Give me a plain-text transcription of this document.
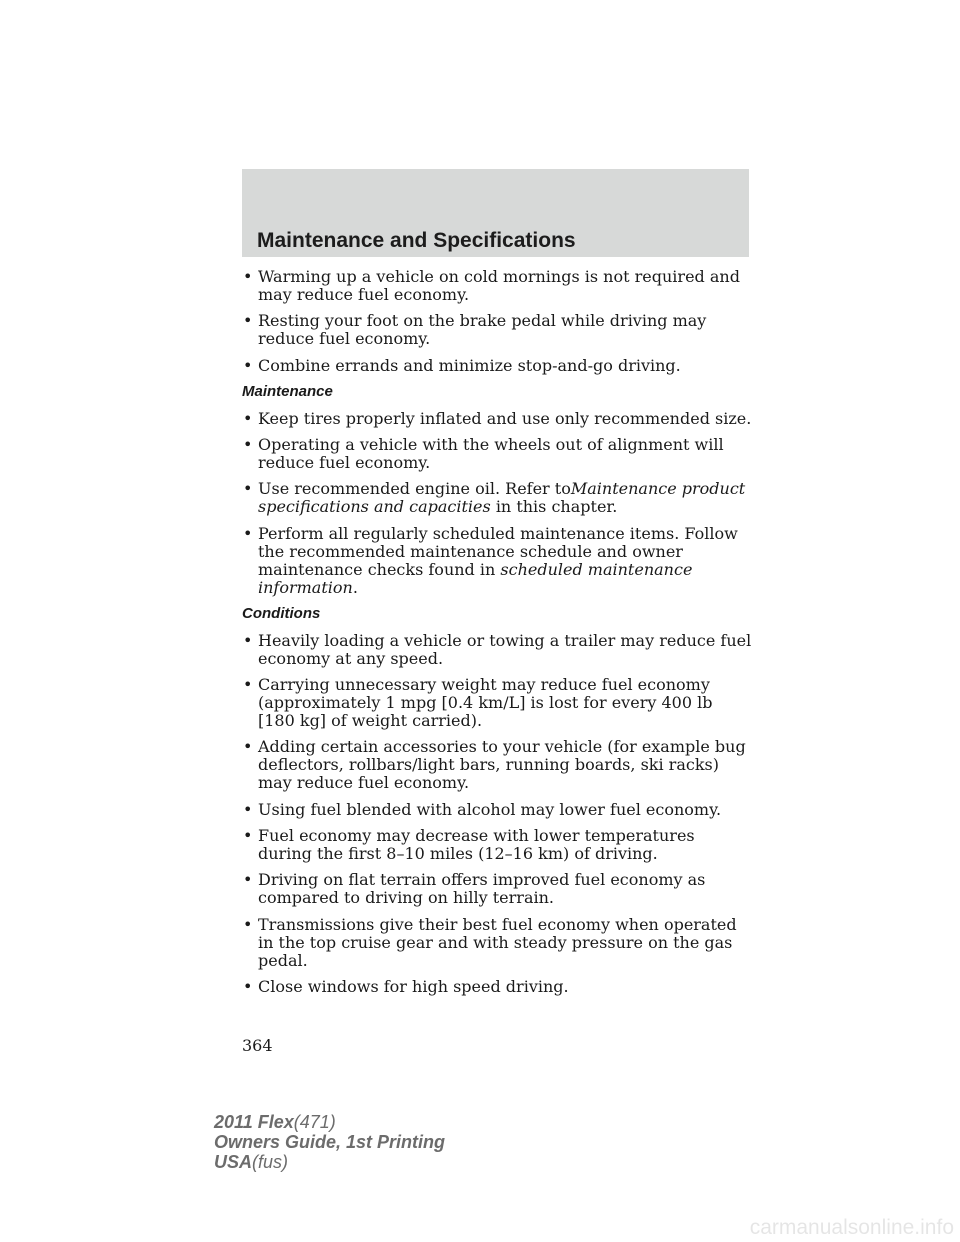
Maintenance and Specifications
• Warming up a vehicle on cold mornings is not required and may reduce fuel economy.
• Resting your foot on the brake pedal while driving may reduce fuel economy.
• Combine errands and minimize stop-and-go driving.
Maintenance
• Keep tires properly inflated and use only recommended size.
• Operating a vehicle with the wheels out of alignment will reduce fuel economy.
• Use recommended engine oil. Refer toMaintenance product specifications and capacities in this chapter.
• Perform all regularly scheduled maintenance items. Follow the recommended maintenance schedule and owner maintenance checks found in scheduled maintenance information.
Conditions
• Heavily loading a vehicle or towing a trailer may reduce fuel economy at any speed.
• Carrying unnecessary weight may reduce fuel economy (approximately 1 mpg [0.4 km/L] is lost for every 400 lb [180 kg] of weight carried).
• Adding certain accessories to your vehicle (for example bug deflectors, rollbars/light bars, running boards, ski racks) may reduce fuel economy.
• Using fuel blended with alcohol may lower fuel economy.
• Fuel economy may decrease with lower temperatures during the first 8–10 miles (12–16 km) of driving.
• Driving on flat terrain offers improved fuel economy as compared to driving on hilly terrain.
• Transmissions give their best fuel economy when operated in the top cruise gear and with steady pressure on the gas pedal.
• Close windows for high speed driving.
364
2011 Flex(471)
Owners Guide, 1st Printing
USA(fus)
carmanualsonline.info
